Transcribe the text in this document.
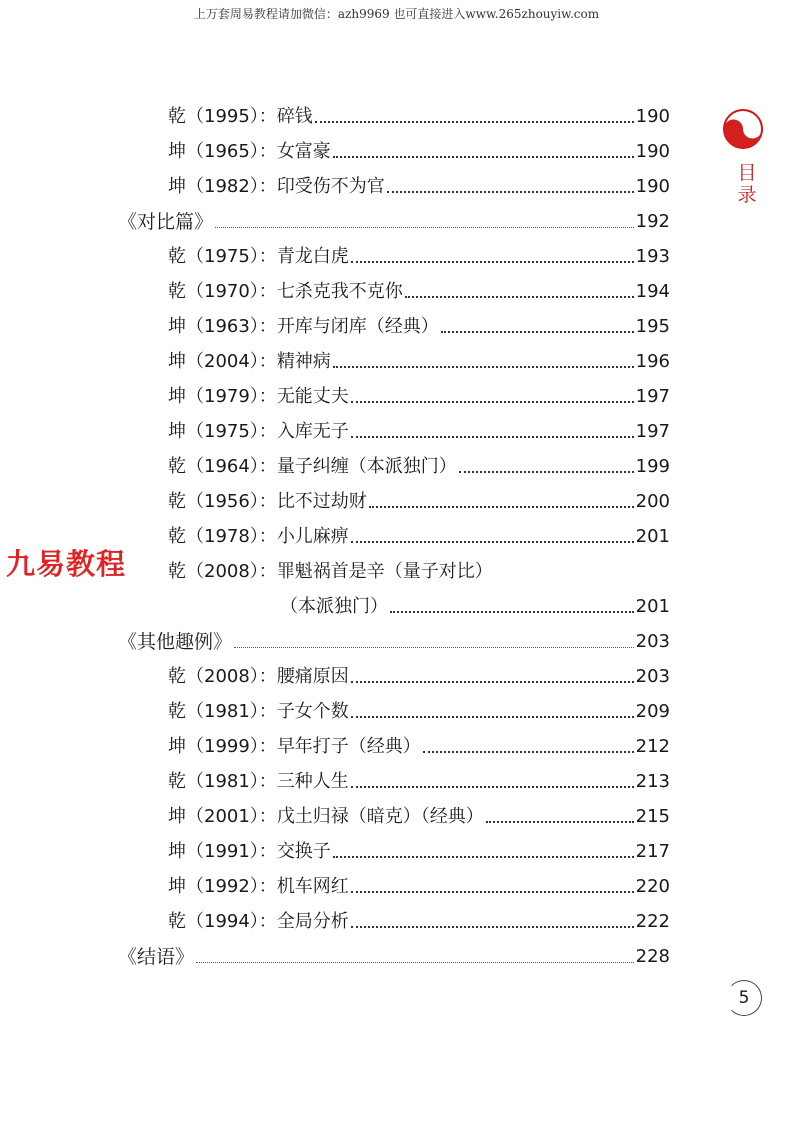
上万套周易教程请加微信：azh9969 也可直接进入www.265zhouyiw.com
乾（1995）： 碎钱	190
坤（1965）： 女富豪	190
坤（1982）： 印受伤不为官	190
《对比篇》	192
乾（1975）： 青龙白虎	193
乾（1970）： 七杀克我不克你	194
坤（1963）： 开库与闭库（经典）	195
坤（2004）： 精神病	196
坤（1979）： 无能丈夫	197
坤（1975）： 入库无子	197
乾（1964）： 量子纠缠（本派独门）	199
乾（1956）： 比不过劫财	200
乾（1978）： 小儿麻痹	201
乾（2008）： 罪魁祸首是辛（量子对比）
（本派独门）	201
《其他趣例》	203
乾（2008）： 腰痛原因	203
乾（1981）： 子女个数	209
坤（1999）： 早年打子（经典）	212
乾（1981）： 三种人生	213
坤（2001）： 戊土归禄（暗克）（经典）	215
坤（1991）： 交换子	217
坤（1992）： 机车网红	220
乾（1994）： 全局分析	222
《结语》	228
目
录
九易教程
5
